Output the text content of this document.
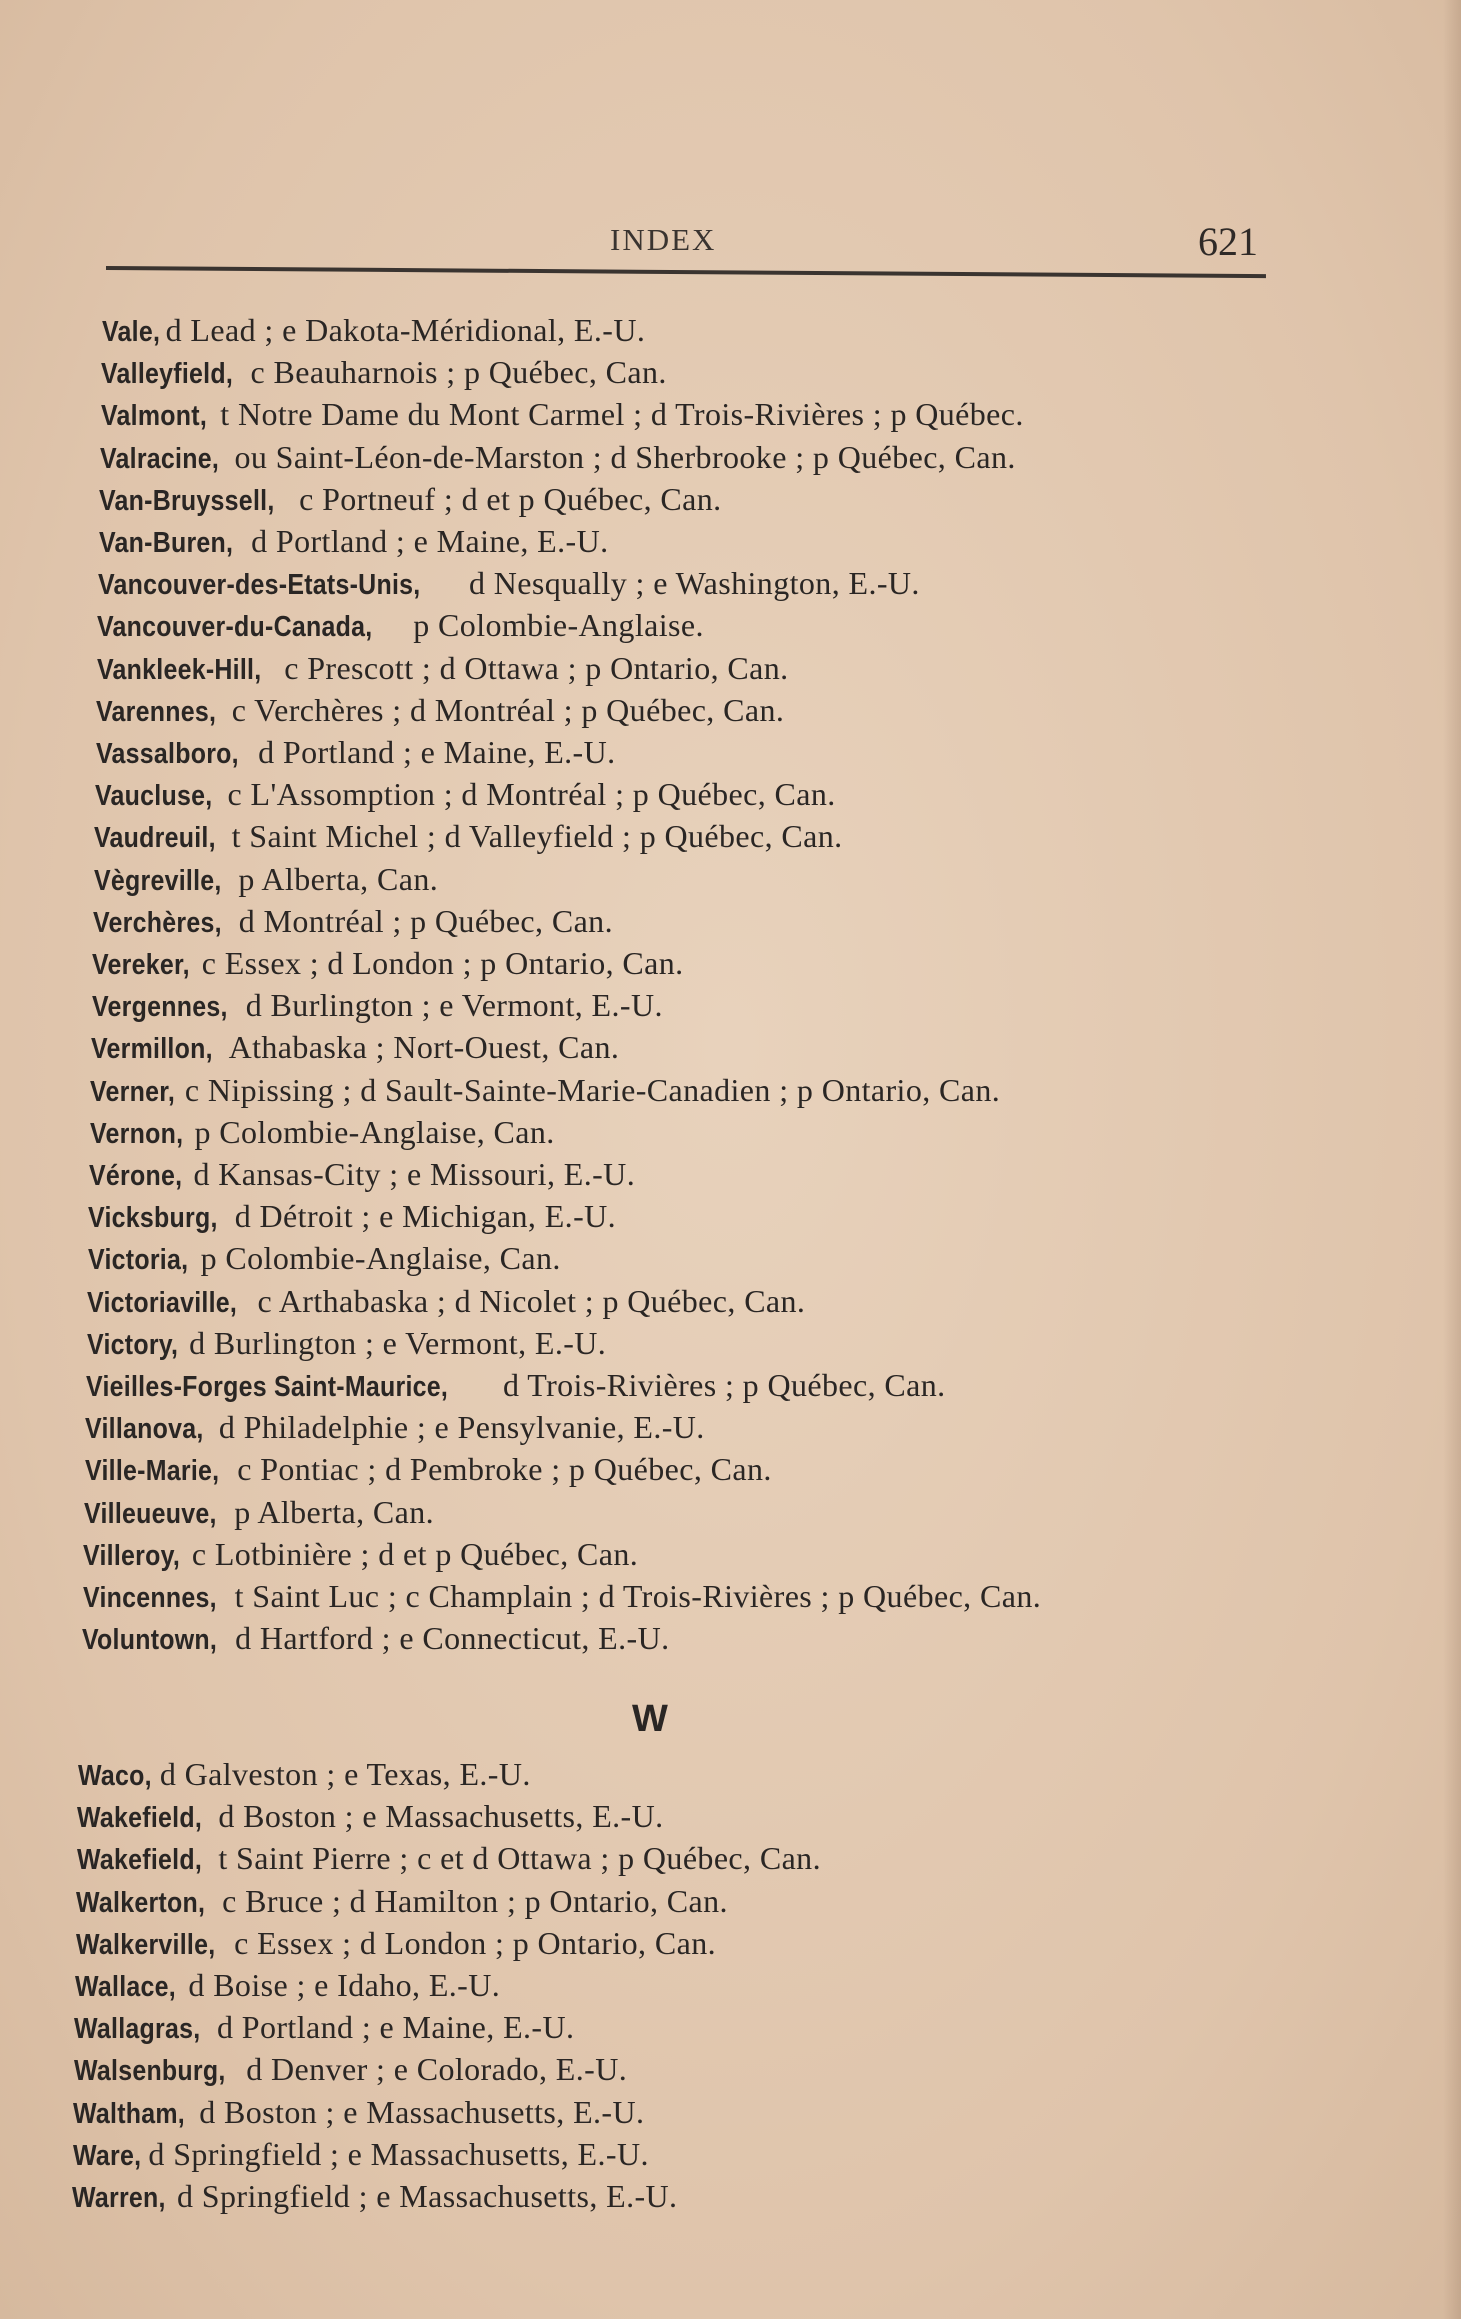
INDEX	621
Vale, d Lead ; e Dakota-Méridional, E.-U.
Valleyfield, c Beauharnois ; p Québec, Can.
Valmont, t Notre Dame du Mont Carmel ; d Trois-Rivières ; p Québec.
Valracine, ou Saint-Léon-de-Marston ; d Sherbrooke ; p Québec, Can.
Van-Bruyssell, c Portneuf ; d et p Québec, Can.
Van-Buren, d Portland ; e Maine, E.-U.
Vancouver-des-Etats-Unis, d Nesqually ; e Washington, E.-U.
Vancouver-du-Canada, p Colombie-Anglaise.
Vankleek-Hill, c Prescott ; d Ottawa ; p Ontario, Can.
Varennes, c Verchères ; d Montréal ; p Québec, Can.
Vassalboro, d Portland ; e Maine, E.-U.
Vaucluse, c L'Assomption ; d Montréal ; p Québec, Can.
Vaudreuil, t Saint Michel ; d Valleyfield ; p Québec, Can.
Vègreville, p Alberta, Can.
Verchères, d Montréal ; p Québec, Can.
Vereker, c Essex ; d London ; p Ontario, Can.
Vergennes, d Burlington ; e Vermont, E.-U.
Vermillon, Athabaska ; Nort-Ouest, Can.
Verner, c Nipissing ; d Sault-Sainte-Marie-Canadien ; p Ontario, Can.
Vernon, p Colombie-Anglaise, Can.
Vérone, d Kansas-City ; e Missouri, E.-U.
Vicksburg, d Détroit ; e Michigan, E.-U.
Victoria, p Colombie-Anglaise, Can.
Victoriaville, c Arthabaska ; d Nicolet ; p Québec, Can.
Victory, d Burlington ; e Vermont, E.-U.
Vieilles-Forges Saint-Maurice, d Trois-Rivières ; p Québec, Can.
Villanova, d Philadelphie ; e Pensylvanie, E.-U.
Ville-Marie, c Pontiac ; d Pembroke ; p Québec, Can.
Villeueuve, p Alberta, Can.
Villeroy, c Lotbinière ; d et p Québec, Can.
Vincennes, t Saint Luc ; c Champlain ; d Trois-Rivières ; p Québec, Can.
Voluntown, d Hartford ; e Connecticut, E.-U.
W
Waco, d Galveston ; e Texas, E.-U.
Wakefield, d Boston ; e Massachusetts, E.-U.
Wakefield, t Saint Pierre ; c et d Ottawa ; p Québec, Can.
Walkerton, c Bruce ; d Hamilton ; p Ontario, Can.
Walkerville, c Essex ; d London ; p Ontario, Can.
Wallace, d Boise ; e Idaho, E.-U.
Wallagras, d Portland ; e Maine, E.-U.
Walsenburg, d Denver ; e Colorado, E.-U.
Waltham, d Boston ; e Massachusetts, E.-U.
Ware, d Springfield ; e Massachusetts, E.-U.
Warren, d Springfield ; e Massachusetts, E.-U.
